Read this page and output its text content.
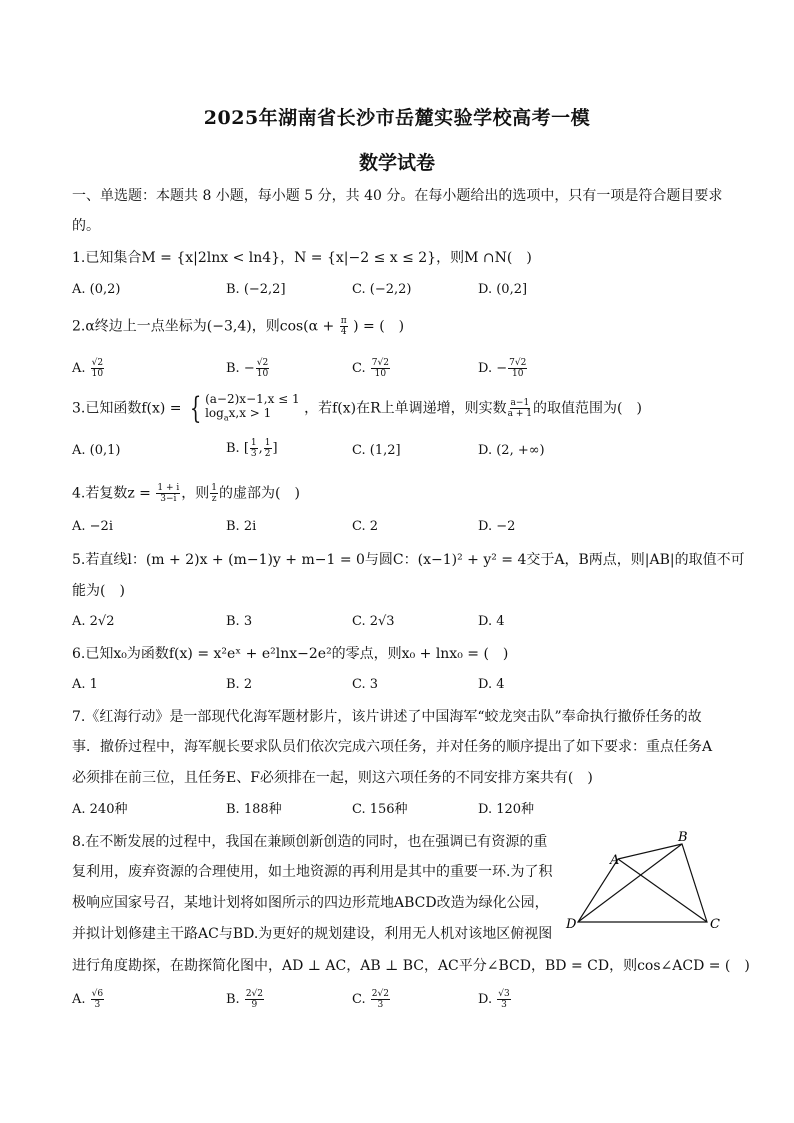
2025年湖南省长沙市岳麓实验学校高考一模
数学试卷
一、单选题：本题共 8 小题，每小题 5 分，共 40 分。在每小题给出的选项中，只有一项是符合题目要求
的。
1.已知集合M = {x|2lnx < ln4}，N = {x|−2 ≤ x ≤ 2}，则M ∩N(　)
A. (0,2)	B. (−2,2]	C. (−2,2)	D. (0,2]
2.α终边上一点坐标为(−3,4)，则$\cos(\alpha + \frac{\pi}{4}$ ) = (　)
A. $\frac{√2}{10}$	B. − $\frac{√2}{10}$	C. $\frac{7√2}{10}$	D. − $\frac{7√2}{10}$
3.已知函数f(x) = { (a−2)x−1,x ≤ 1
$\log_ax,x > 1$	，若f(x)在R上单调递增，则实数 $\frac{a-1}{a + 1}$ 的取值范围为(　)
A. (0,1)	B. [ $\frac{1}{3}$ , $\frac{1}{2}$ ]	C. (1,2]	D. (2, +∞)
4.若复数$z = \frac{1 + i}{3-i}$ ，则 $\frac{1}{z}$ 的虚部为(　)
A. −2i	B. 2i	C. 2	D. −2
5.若直线l：(m + 2)x + (m−1)y + m−1 = 0与圆C：(x−1)² + y² = 4交于A，B两点，则|AB|的取值不可
能为(　)
A. 2√2	B. 3	C. 2√3	D. 4
6.已知x₀为函数f(x) = x²eˣ + e²lnx−2e²的零点，则x₀ + lnx₀ = (　)
A. 1	B. 2	C. 3	D. 4
7.《红海行动》是一部现代化海军题材影片，该片讲述了中国海军“蛟龙突击队”奉命执行撤侨任务的故
事．撤侨过程中，海军舰长要求队员们依次完成六项任务，并对任务的顺序提出了如下要求：重点任务A
必须排在前三位，且任务E、F必须排在一起，则这六项任务的不同安排方案共有(　)
A. 240种	B. 188种	C. 156种	D. 120种
8.在不断发展的过程中，我国在兼顾创新创造的同时，也在强调已有资源的重
复利用，废弃资源的合理使用，如土地资源的再利用是其中的重要一环.为了积
极响应国家号召，某地计划将如图所示的四边形荒地ABCD改造为绿化公园，
并拟计划修建主干路AC与BD.为更好的规划建设，利用无人机对该地区俯视图
进行角度勘探，在勘探简化图中，AD ⊥ AC，AB ⊥ BC，AC平分∠BCD，BD = CD，则cos∠ACD = (　)
A
B
C
D
A. $\frac{√6}{3}$	B. $\frac{2√2}{9}$	C. $\frac{2√2}{3}$	D. $\frac{√3}{3}$
